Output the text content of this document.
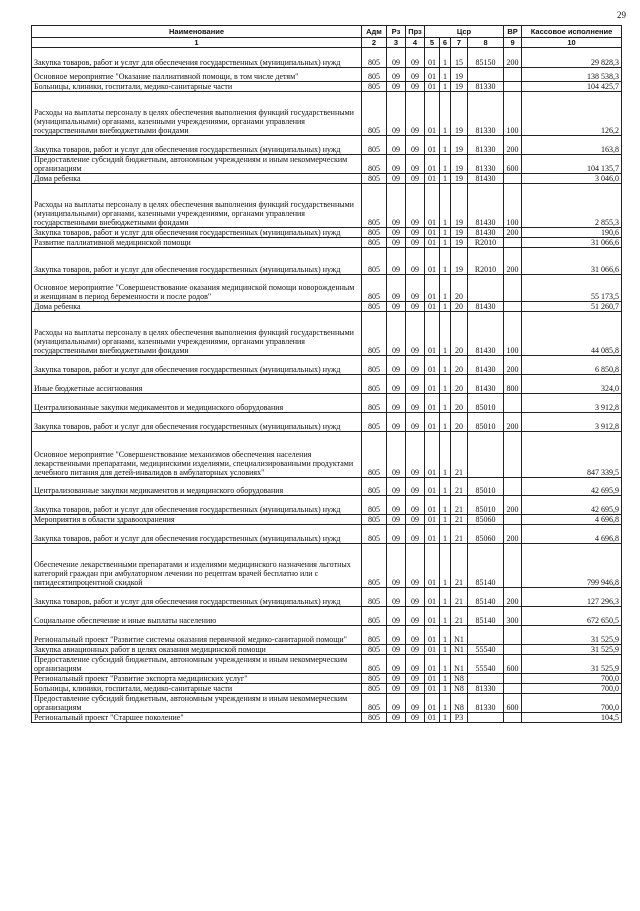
29
Наименование	Адм	Рз	Прз	Цср				ВР	Кассовое исполнение
1	2	3	4	5	6	7	8	9	10
Закупка товаров, работ и услуг для обеспечения государственных (муниципальных) нужд	805	09	09	01	1	15	85150	200	29 828,3
Основное мероприятие "Оказание паллиативной помощи, в том числе детям"	805	09	09	01	1	19			138 538,3
Больницы, клиники, госпитали, медико-санитарные части	805	09	09	01	1	19	81330		104 425,7
Расходы на выплаты персоналу в целях обеспечения выполнения функций государственными (муниципальными) органами, казенными учреждениями, органами управления государственными внебюджетными фондами	805	09	09	01	1	19	81330	100	126,2
Закупка товаров, работ и услуг для обеспечения государственных (муниципальных) нужд	805	09	09	01	1	19	81330	200	163,8
Предоставление субсидий бюджетным, автономным учреждениям и иным некоммерческим организациям	805	09	09	01	1	19	81330	600	104 135,7
Дома ребенка	805	09	09	01	1	19	81430		3 046,0
Расходы на выплаты персоналу в целях обеспечения выполнения функций государственными (муниципальными) органами, казенными учреждениями, органами управления государственными внебюджетными фондами	805	09	09	01	1	19	81430	100	2 855,3
Закупка товаров, работ и услуг для обеспечения государственных (муниципальных) нужд	805	09	09	01	1	19	81430	200	190,6
Развитие паллиативной медицинской помощи	805	09	09	01	1	19	R2010		31 066,6
Закупка товаров, работ и услуг для обеспечения государственных (муниципальных) нужд	805	09	09	01	1	19	R2010	200	31 066,6
Основное мероприятие "Совершенствование оказания медицинской помощи новорожденным и женщинам в период беременности и после родов"	805	09	09	01	1	20			55 173,5
Дома ребенка	805	09	09	01	1	20	81430		51 260,7
Расходы на выплаты персоналу в целях обеспечения выполнения функций государственными (муниципальными) органами, казенными учреждениями, органами управления государственными внебюджетными фондами	805	09	09	01	1	20	81430	100	44 085,8
Закупка товаров, работ и услуг для обеспечения государственных (муниципальных) нужд	805	09	09	01	1	20	81430	200	6 850,8
Иные бюджетные ассигнования	805	09	09	01	1	20	81430	800	324,0
Централизованные закупки медикаментов и медицинского оборудования	805	09	09	01	1	20	85010		3 912,8
Закупка товаров, работ и услуг для обеспечения государственных (муниципальных) нужд	805	09	09	01	1	20	85010	200	3 912,8
Основное мероприятие "Совершенствование механизмов обеспечения населения лекарственными препаратами, медицинскими изделиями, специализированными продуктами лечебного питания для детей-инвалидов в амбулаторных условиях"	805	09	09	01	1	21			847 339,5
Централизованные закупки медикаментов и медицинского оборудования	805	09	09	01	1	21	85010		42 695,9
Закупка товаров, работ и услуг для обеспечения государственных (муниципальных) нужд	805	09	09	01	1	21	85010	200	42 695,9
Мероприятия в области здравоохранения	805	09	09	01	1	21	85060		4 696,8
Закупка товаров, работ и услуг для обеспечения государственных (муниципальных) нужд	805	09	09	01	1	21	85060	200	4 696,8
Обеспечение лекарственными препаратами и изделиями медицинского назначения льготных категорий граждан при амбулаторном лечении по рецептам врачей бесплатно или с пятидесятипроцентной скидкой	805	09	09	01	1	21	85140		799 946,8
Закупка товаров, работ и услуг для обеспечения государственных (муниципальных) нужд	805	09	09	01	1	21	85140	200	127 296,3
Социальное обеспечение и иные выплаты населению	805	09	09	01	1	21	85140	300	672 650,5
Региональный проект "Развитие системы оказания первичной медико-санитарной помощи"	805	09	09	01	1	N1			31 525,9
Закупка авиационных работ в целях оказания медицинской помощи	805	09	09	01	1	N1	55540		31 525,9
Предоставление субсидий бюджетным, автономным учреждениям и иным некоммерческим организациям	805	09	09	01	1	N1	55540	600	31 525,9
Региональный проект "Развитие экспорта медицинских услуг"	805	09	09	01	1	N8			700,0
Больницы, клиники, госпитали, медико-санитарные части	805	09	09	01	1	N8	81330		700,0
Предоставление субсидий бюджетным, автономным учреждениям и иным некоммерческим организациям	805	09	09	01	1	N8	81330	600	700,0
Региональный проект "Старшее поколение"	805	09	09	01	1	P3			104,5
